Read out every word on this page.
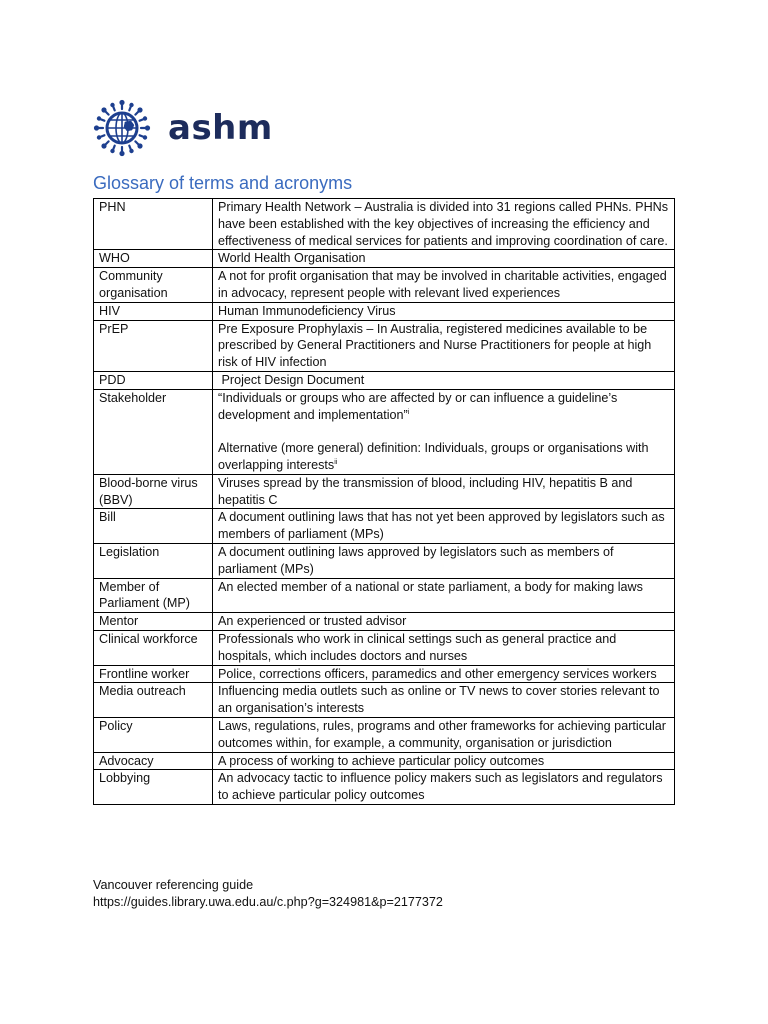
ashm
Glossary of terms and acronyms
PHN	Primary Health Network – Australia is divided into 31 regions called PHNs. PHNs have been established with the key objectives of increasing the efficiency and effectiveness of medical services for patients and improving coordination of care.
WHO	World Health Organisation
Community organisation	A not for profit organisation that may be involved in charitable activities, engaged in advocacy, represent people with relevant lived experiences
HIV	Human Immunodeficiency Virus
PrEP	Pre Exposure Prophylaxis – In Australia, registered medicines available to be prescribed by General Practitioners and Nurse Practitioners for people at high risk of HIV infection
PDD	Project Design Document
Stakeholder	“Individuals or groups who are affected by or can influence a guideline’s development and implementation”$^i$
Alternative (more general) definition: Individuals, groups or organisations with overlapping interests$^{ii}$

Blood-borne virus (BBV)	Viruses spread by the transmission of blood, including HIV, hepatitis B and hepatitis C
Bill	A document outlining laws that has not yet been approved by legislators such as members of parliament (MPs)
Legislation	A document outlining laws approved by legislators such as members of parliament (MPs)
Member of Parliament (MP)	An elected member of a national or state parliament, a body for making laws
Mentor	An experienced or trusted advisor
Clinical workforce	Professionals who work in clinical settings such as general practice and hospitals, which includes doctors and nurses
Frontline worker	Police, corrections officers, paramedics and other emergency services workers
Media outreach	Influencing media outlets such as online or TV news to cover stories relevant to an organisation’s interests
Policy	Laws, regulations, rules, programs and other frameworks for achieving particular outcomes within, for example, a community, organisation or jurisdiction
Advocacy	A process of working to achieve particular policy outcomes
Lobbying	An advocacy tactic to influence policy makers such as legislators and regulators to achieve particular policy outcomes
Vancouver referencing guide
https://guides.library.uwa.edu.au/c.php?g=324981&p=2177372
